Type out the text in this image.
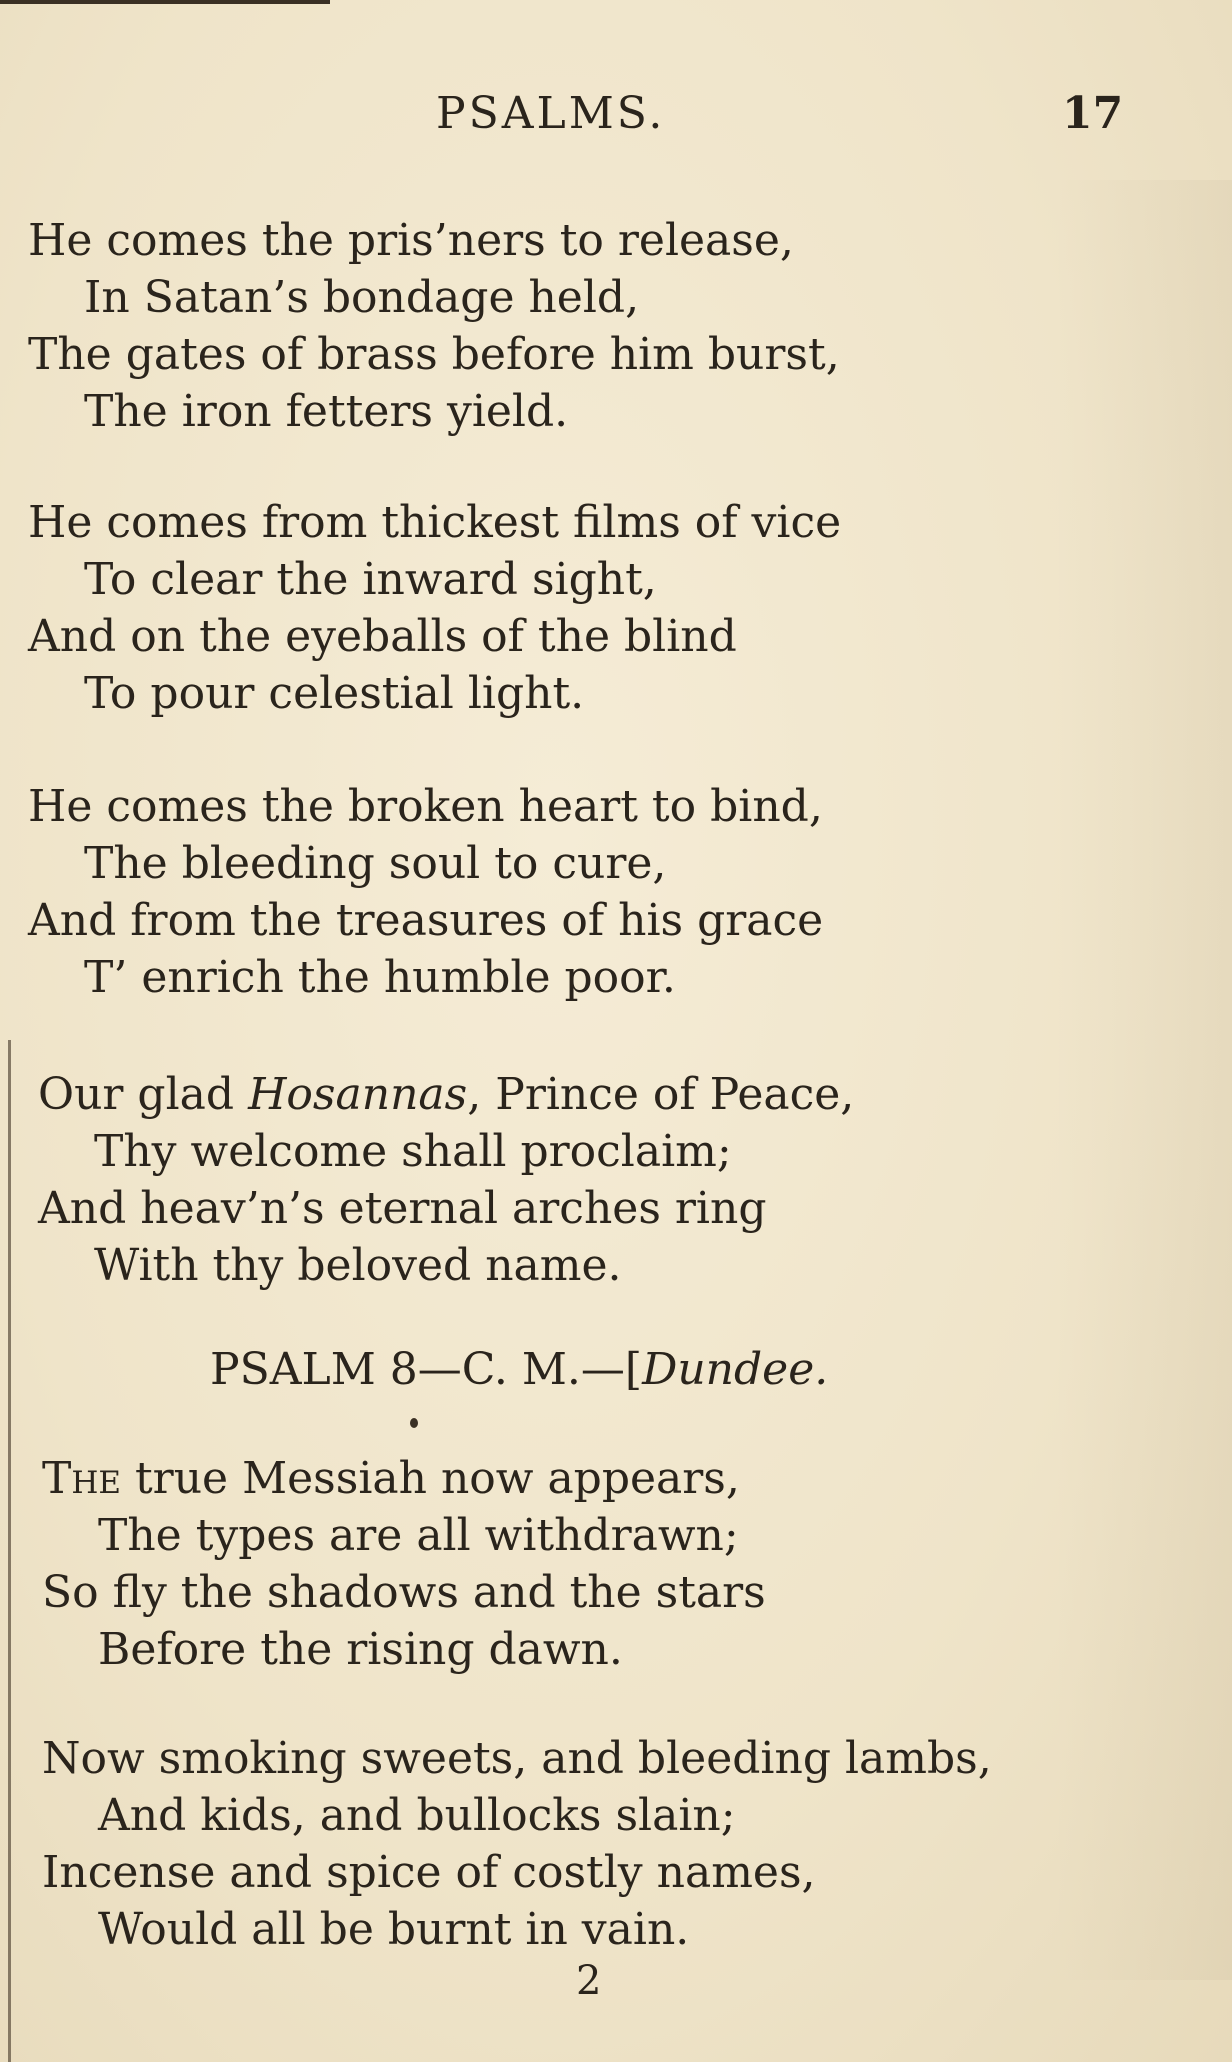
PSALMS.	17
He comes the pris’ners to release,
In Satan’s bondage held,
The gates of brass before him burst,
The iron fetters yield.
He comes from thickest films of vice
To clear the inward sight,
And on the eyeballs of the blind
To pour celestial light.
He comes the broken heart to bind,
The bleeding soul to cure,
And from the treasures of his grace
T’ enrich the humble poor.
Our glad Hosannas, Prince of Peace,
Thy welcome shall proclaim;
And heav’n’s eternal arches ring
With thy beloved name.
PSALM 8—C. M.—[Dundee.
The true Messiah now appears,
The types are all withdrawn;
So fly the shadows and the stars
Before the rising dawn.
Now smoking sweets, and bleeding lambs,
And kids, and bullocks slain;
Incense and spice of costly names,
Would all be burnt in vain.
2
